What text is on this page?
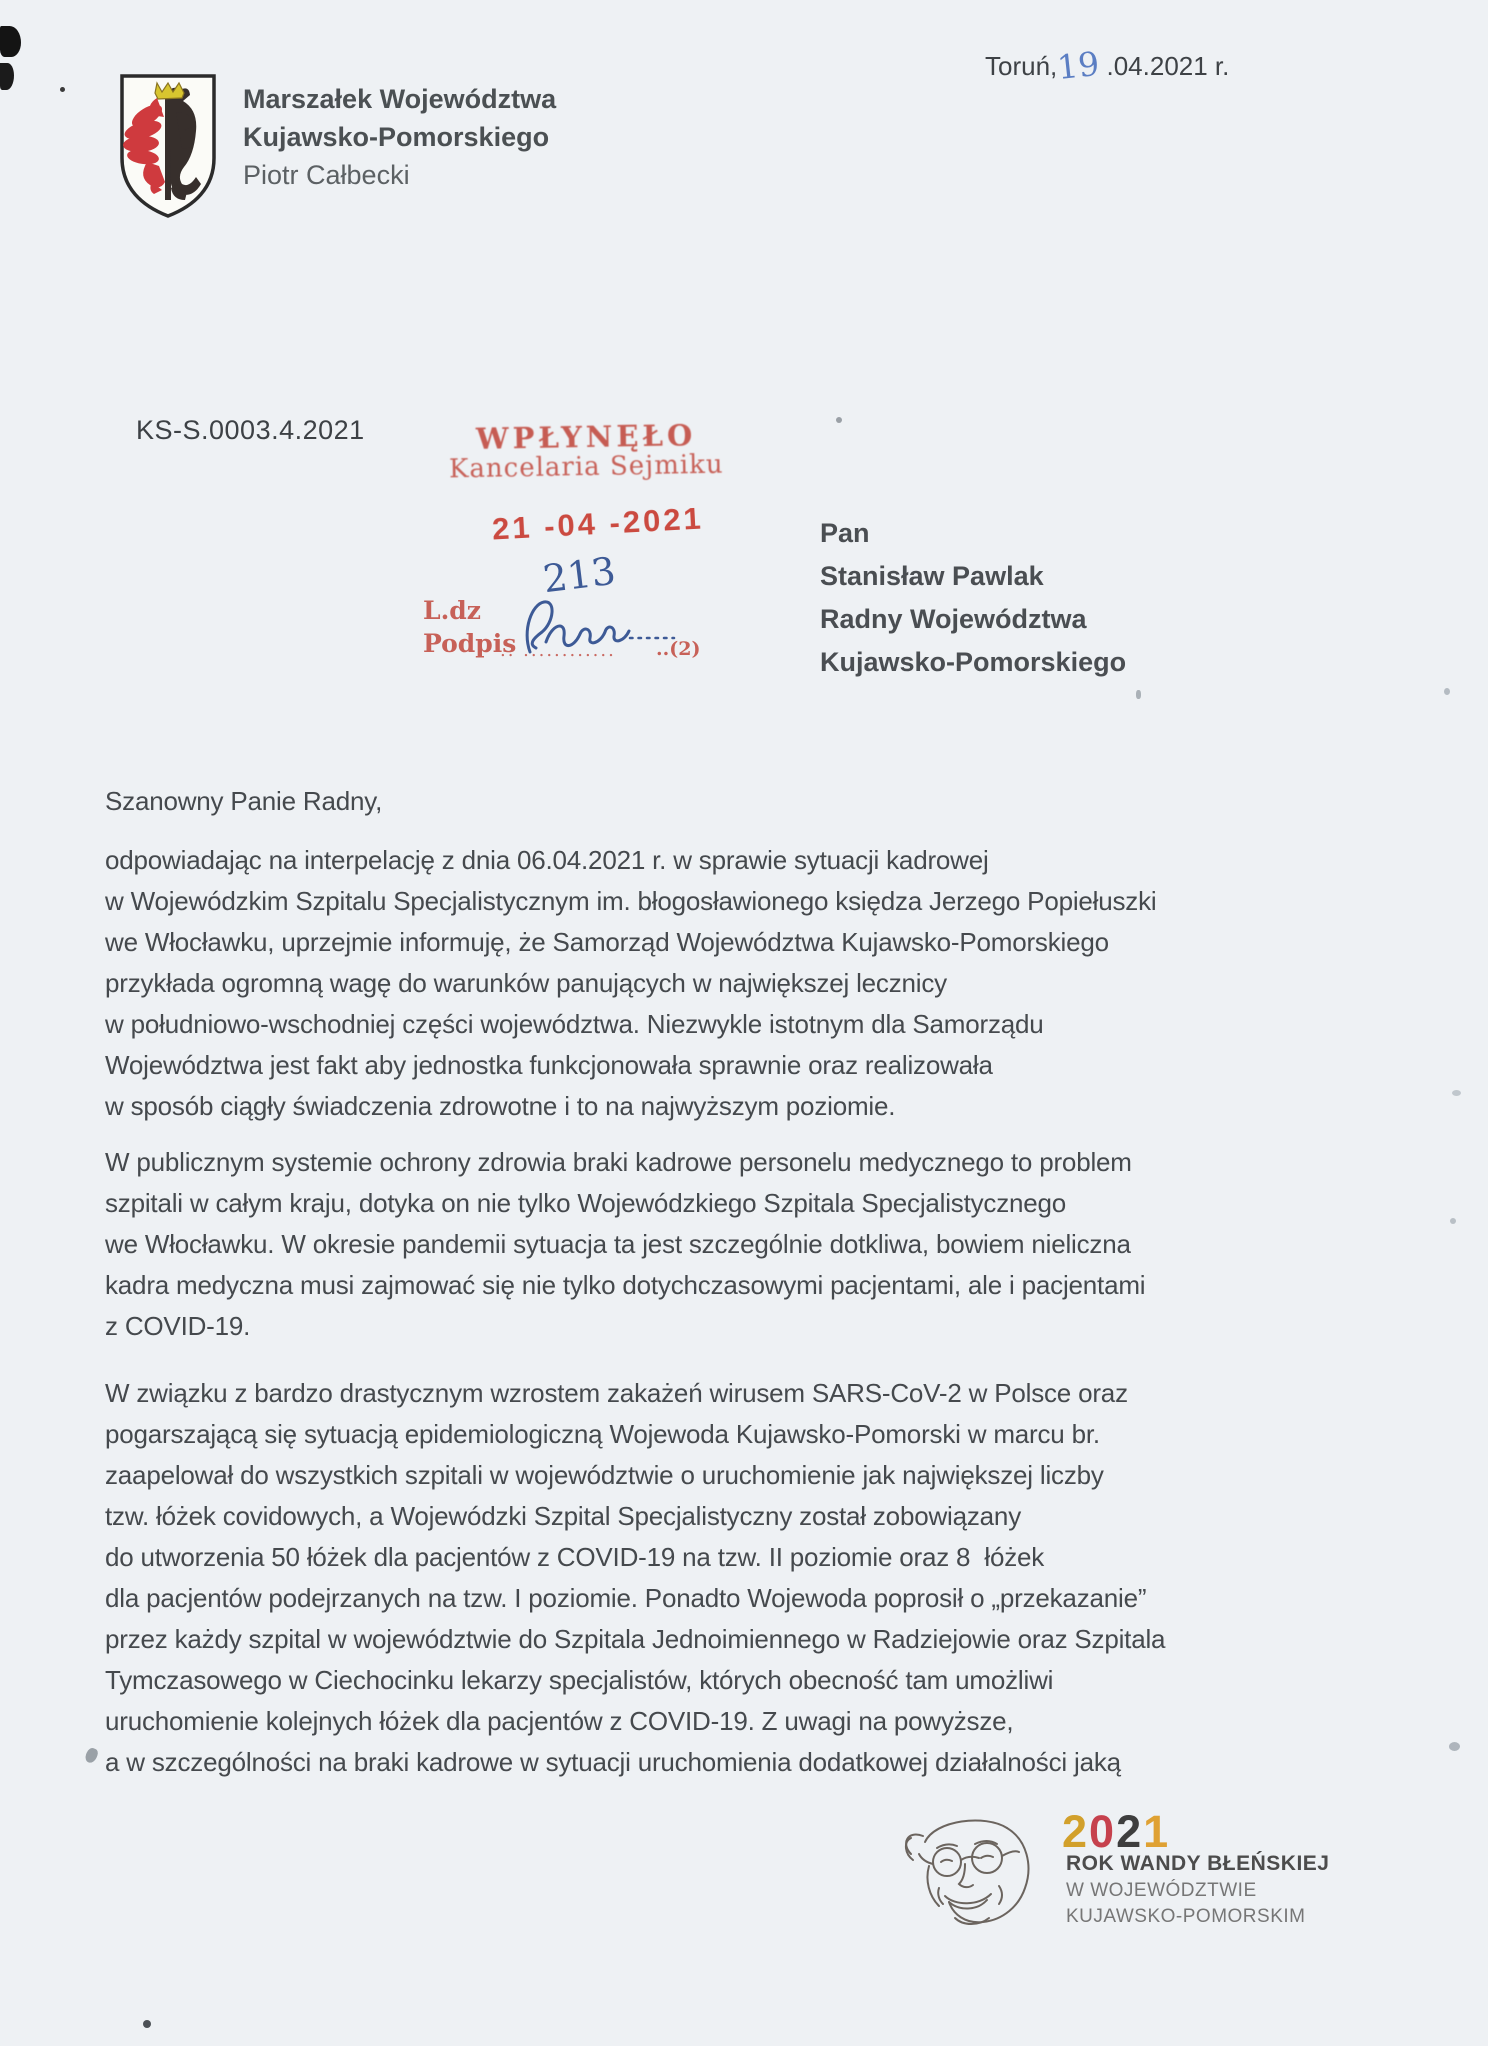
Toruń,19 .04.2021 r.
Marszałek Województwa
Kujawsko-Pomorskiego
Piotr Całbecki
KS-S.0003.4.2021	WPŁYNĘŁO
Kancelaria Sejmiku
21 -04 -2021
L.dz
Podpis
.. ............ ..(2)
213
Pan
Stanisław Pawlak
Radny Województwa
Kujawsko-Pomorskiego
Szanowny Panie Radny,
odpowiadając na interpelację z dnia 06.04.2021 r. w sprawie sytuacji kadrowej
w Wojewódzkim Szpitalu Specjalistycznym im. błogosławionego księdza Jerzego Popiełuszki
we Włocławku, uprzejmie informuję, że Samorząd Województwa Kujawsko-Pomorskiego
przykłada ogromną wagę do warunków panujących w największej lecznicy
w południowo-wschodniej części województwa. Niezwykle istotnym dla Samorządu
Województwa jest fakt aby jednostka funkcjonowała sprawnie oraz realizowała
w sposób ciągły świadczenia zdrowotne i to na najwyższym poziomie.
W publicznym systemie ochrony zdrowia braki kadrowe personelu medycznego to problem
szpitali w całym kraju, dotyka on nie tylko Wojewódzkiego Szpitala Specjalistycznego
we Włocławku. W okresie pandemii sytuacja ta jest szczególnie dotkliwa, bowiem nieliczna
kadra medyczna musi zajmować się nie tylko dotychczasowymi pacjentami, ale i pacjentami
z COVID-19.
W związku z bardzo drastycznym wzrostem zakażeń wirusem SARS-CoV-2 w Polsce oraz
pogarszającą się sytuacją epidemiologiczną Wojewoda Kujawsko-Pomorski w marcu br.
zaapelował do wszystkich szpitali w województwie o uruchomienie jak największej liczby
tzw. łóżek covidowych, a Wojewódzki Szpital Specjalistyczny został zobowiązany
do utworzenia 50 łóżek dla pacjentów z COVID-19 na tzw. II poziomie oraz 8  łóżek
dla pacjentów podejrzanych na tzw. I poziomie. Ponadto Wojewoda poprosił o „przekazanie”
przez każdy szpital w województwie do Szpitala Jednoimiennego w Radziejowie oraz Szpitala
Tymczasowego w Ciechocinku lekarzy specjalistów, których obecność tam umożliwi
uruchomienie kolejnych łóżek dla pacjentów z COVID-19. Z uwagi na powyższe,
a w szczególności na braki kadrowe w sytuacji uruchomienia dodatkowej działalności jaką
2021
ROK WANDY BŁEŃSKIEJ
W WOJEWÓDZTWIE
KUJAWSKO-POMORSKIM
